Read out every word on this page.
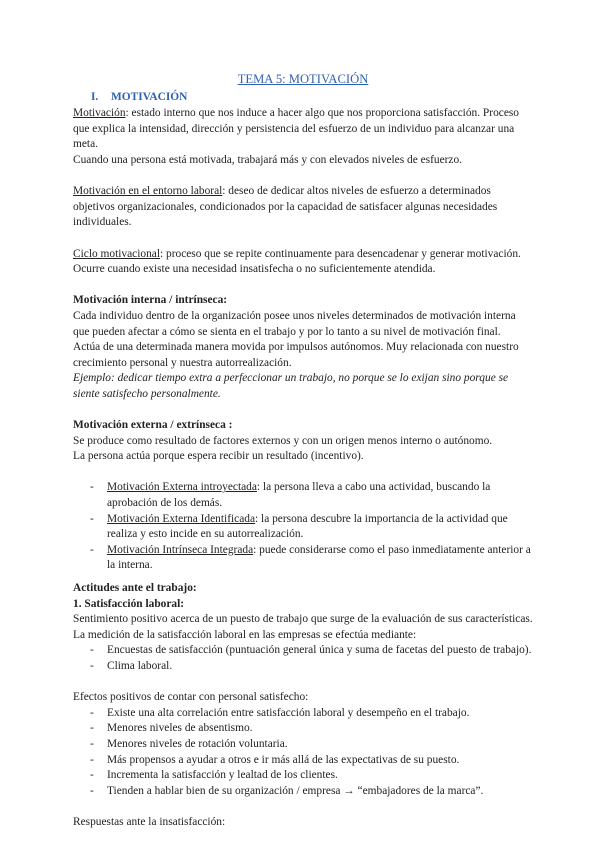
TEMA 5: MOTIVACIÓN

I. MOTIVACIÓN

Motivación: estado interno que nos induce a hacer algo que nos proporciona satisfacción. Proceso que explica la intensidad, dirección y persistencia del esfuerzo de un individuo para alcanzar una meta.

Cuando una persona está motivada, trabajará más y con elevados niveles de esfuerzo.

Motivación en el entorno laboral: deseo de dedicar altos niveles de esfuerzo a determinados objetivos organizacionales, condicionados por la capacidad de satisfacer algunas necesidades individuales.

Ciclo motivacional: proceso que se repite continuamente para desencadenar y generar motivación.

Ocurre cuando existe una necesidad insatisfecha o no suficientemente atendida.

Motivación interna / intrínseca:

Cada individuo dentro de la organización posee unos niveles determinados de motivación interna que pueden afectar a cómo se sienta en el trabajo y por lo tanto a su nivel de motivación final.

Actúa de una determinada manera movida por impulsos autónomos. Muy relacionada con nuestro crecimiento personal y nuestra autorrealización.

Ejemplo: dedicar tiempo extra a perfeccionar un trabajo, no porque se lo exijan sino porque se siente satisfecho personalmente.

Motivación externa / extrínseca :

Se produce como resultado de factores externos y con un origen menos interno o autónomo.

La persona actúa porque espera recibir un resultado (incentivo).

- Motivación Externa introyectada: la persona lleva a cabo una actividad, buscando la aprobación de los demás.
- Motivación Externa Identificada: la persona descubre la importancia de la actividad que realiza y esto incide en su autorrealización.
- Motivación Intrínseca Integrada: puede considerarse como el paso inmediatamente anterior a la interna.

Actitudes ante el trabajo:

1. Satisfacción laboral:

Sentimiento positivo acerca de un puesto de trabajo que surge de la evaluación de sus características.

La medición de la satisfacción laboral en las empresas se efectúa mediante:

- Encuestas de satisfacción (puntuación general única y suma de facetas del puesto de trabajo).
- Clima laboral.

Efectos positivos de contar con personal satisfecho:

- Existe una alta correlación entre satisfacción laboral y desempeño en el trabajo.
- Menores niveles de absentismo.
- Menores niveles de rotación voluntaria.
- Más propensos a ayudar a otros e ir más allá de las expectativas de su puesto.
- Incrementa la satisfacción y lealtad de los clientes.
- Tienden a hablar bien de su organización / empresa → “embajadores de la marca”.

Respuestas ante la insatisfacción:
